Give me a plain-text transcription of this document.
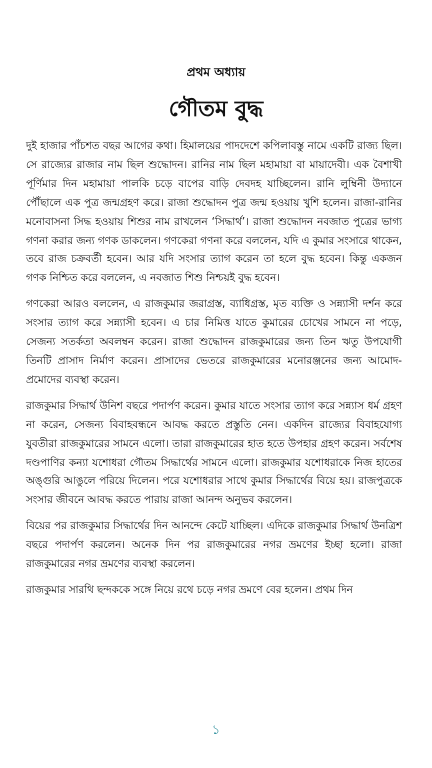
প্রথম অধ্যায়
গৌতম বুদ্ধ

দুই হাজার পাঁচশত বছর আগের কথা। হিমালয়ের পাদদেশে কপিলাবস্তু নামে একটি রাজ্য ছিল। সে রাজ্যের রাজার নাম ছিল শুদ্ধোদন। রানির নাম ছিল মহামায়া বা মায়াদেবী। এক বৈশাখী পূর্ণিমার দিন মহামায়া পালকি চড়ে বাপের বাড়ি দেবদহ যাচ্ছিলেন। রানি লুম্বিনী উদ্যানে পৌঁছালে এক পুত্র জন্মগ্রহণ করে। রাজা শুদ্ধোদন পুত্র জন্ম হওয়ায় খুশি হলেন। রাজা-রানির মনোবাসনা সিদ্ধ হওয়ায় শিশুর নাম রাখলেন ‘সিদ্ধার্থ’। রাজা শুদ্ধোদন নবজাত পুত্রের ভাগ্য গণনা করার জন্য গণক ডাকলেন। গণকেরা গণনা করে বললেন, যদি এ কুমার সংসারে থাকেন, তবে রাজ চক্রবর্তী হবেন। আর যদি সংসার ত্যাগ করেন তা হলে বুদ্ধ হবেন। কিন্তু একজন গণক নিশ্চিত করে বললেন, এ নবজাত শিশু নিশ্চয়ই বুদ্ধ হবেন।

গণকেরা আরও বললেন, এ রাজকুমার জরাগ্রস্ত, ব্যাধিগ্রস্ত, মৃত ব্যক্তি ও সন্ন্যাসী দর্শন করে সংসার ত্যাগ করে সন্ন্যাসী হবেন। এ চার নিমিত্ত যাতে কুমারের চোখের সামনে না পড়ে, সেজন্য সতর্কতা অবলম্বন করেন। রাজা শুদ্ধোদন রাজকুমারের জন্য তিন ঋতু উপযোগী তিনটি প্রাসাদ নির্মাণ করেন। প্রাসাদের ভেতরে রাজকুমারের মনোরঞ্জনের জন্য আমোদ-প্রমোদের ব্যবস্থা করেন।

রাজকুমার সিদ্ধার্থ উনিশ বছরে পদার্পণ করেন। কুমার যাতে সংসার ত্যাগ করে সন্ন্যাস ধর্ম গ্রহণ না করেন, সেজন্য বিবাহবন্ধনে আবদ্ধ করতে প্রস্তুতি নেন। একদিন রাজ্যের বিবাহযোগ্য যুবতীরা রাজকুমারের সামনে এলো। তারা রাজকুমারের হাত হতে উপহার গ্রহণ করেন। সর্বশেষ দণ্ডপাণির কন্যা যশোধরা গৌতম সিদ্ধার্থের সামনে এলো। রাজকুমার যশোধরাকে নিজ হাতের অঙ্গুরি আঙুলে পরিয়ে দিলেন। পরে যশোধরার সাথে কুমার সিদ্ধার্থের বিয়ে হয়। রাজপুত্রকে সংসার জীবনে আবদ্ধ করতে পারায় রাজা আনন্দ অনুভব করলেন।

বিয়ের পর রাজকুমার সিদ্ধার্থের দিন আনন্দে কেটে যাচ্ছিল। এদিকে রাজকুমার সিদ্ধার্থ উনত্রিশ বছরে পদার্পণ করলেন। অনেক দিন পর রাজকুমারের নগর ভ্রমণের ইচ্ছা হলো। রাজা রাজকুমারের নগর ভ্রমণের ব্যবস্থা করলেন।

রাজকুমার সারথি ছন্দককে সঙ্গে নিয়ে রথে চড়ে নগর ভ্রমণে বের হলেন। প্রথম দিন

১
